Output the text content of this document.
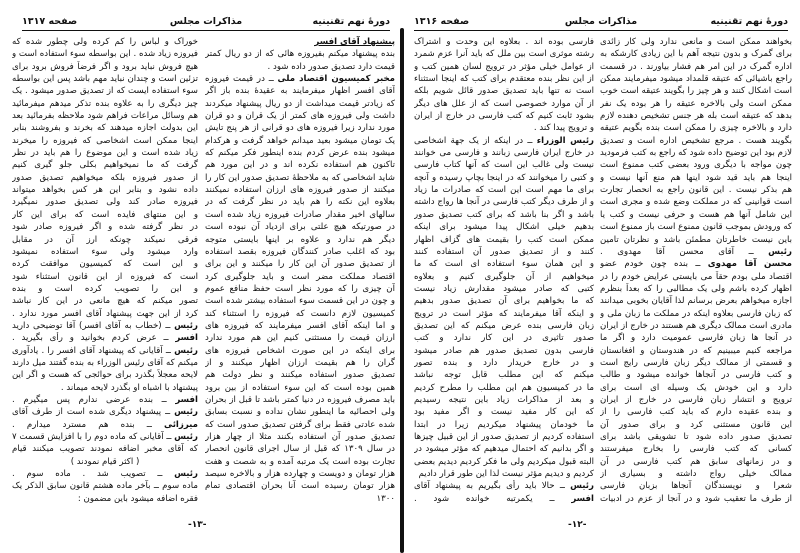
دورهٔ نهم تقنینیه
مذاکرات مجلس
صفحه ۱۳۱۷
پیشنهاد آقای افسر
بنده پیشنهاد میکنم بفیروزه هائی که از دو ریال کمتر
قیمت دارد تصدیق صدور داده شود .
مخبر کمیسیون اقتصاد ملی ــ در قیمت فیروزه
آقای افسر اظهار میفرمایند به عقیدهٔ بنده باز اگر
که زیادتر قیمت میداشت از دو ریال پیشنهاد میکردند
داشت ولی فیروزه های کمتر از یک قران و دو قران
مورد ندارد زیرا فیروزه های دو قرانی از هر پنج تایش
یک تومان میشود بعید میدانم خواهد گرفت و هرکدام
میشود بنده عرض کردم بنده اینطور فکر میکنم که
تاکنون هم استفاده نکرده اند و در این مورد هم
شاید اشخاصی که به ملاحظهٔ تصدیق صدور این کار را
میکنند از صدور فیروزه های ارزان استفاده نمیکنند
بعلاوه این نکته را هم باید در نظر گرفت که در
سالهای اخیر مقدار صادرات فیروزه زیاد شده است
در صورتیکه هیچ علتی برای ازدیاد آن نبوده است
دیگر هم ندارد و علاوه بر اینها بایستی متوجه
بود که اغلب صادر کنندگان فیروزه بقصد استفاده
از تصدیق صدور آن این کار را میکنند و این برای
اقتصاد مملکت مضر است و باید جلوگیری کرد
آن چیزی را که مورد نظر است حفظ منافع عموم
و چون در این قسمت سوء استفاده بیشتر شده است
کمیسیون لازم دانست که فیروزه را استثناء کند
و اما اینکه آقای افسر میفرمایند که فیروزه های
ارزان قیمت را مستثنی کنیم این هم مورد ندارد
برای اینکه در این صورت اشخاص فیروزه های
گران را هم بقیمت ارزان اظهار میکنند و از
تصدیق صدور استفاده میکنند و نظر دولت هم
همین بوده است که این سوء استفاده از بین برود
باید مصرف فیروزه در دنیا کمتر باشد تا قبل از بحران
ولی احصائیه ما اینطور نشان نداده و نسبت بسابق
شده عادتی فقط برای گرفتن تصدیق صدور است که
تصدیق صدور آن استفاده بکنند مثلا از چهار هزار
در سال ۱۳۰۹ که قبل از سال اجرای قانون انحصار
تجارت بوده است یک مرتبه آمده و به شصت و هفت
هزار تومان و دویست و چهارده هزار و بالاخره سیصد
هزار تومان رسیده است آنا بحران اقتصادی تمام
۱۳۰۰
خوراک و لباس را کم کرده ولی چطور شده که
فیروزه زیاد شده . این بواسطه سوء استفاده است و
هیچ فروش نباید برود و اگر فرضاً فروش برود برای
تزئین است و چندان نباید مهم باشد پس این بواسطه
سوء استفاده ایست که از تصدیق صدور میشود . یک
چیز دیگری را به علاوه بنده تذکر میدهم میفرمائید
هم وسائل مراعات فراهم شود ملاحظه بفرمائید بعد
این بدولت اجازه میدهند که بخرند و بفروشند بنابر
اینجا ممکن است اشخاصی که فیروزه را میخرند
زیاد شده است و این موضوع را هم باید در نظر
گرفت که ما نمیخواهیم بکلی جلو گیری کنیم
از صدور فیروزه بلکه میخواهیم تصدیق صدور
داده نشود و بنابر این هر کس بخواهد میتواند
فیروزه صادر کند ولی تصدیق صدور نمیگیرد
و این منتهای فایده است که برای این کار
در نظر گرفته شده و اگر فیروزه صادر شود
فرقی نمیکند چونکه ارز آن در مقابل
وارد میشود ولی سوء استفاده نمیشود
و این است که کمیسیون موافقت کرده
است که فیروزه از این قانون استثناء شود
و این را تصویب کرده است و بنده
تصور میکنم که هیچ مانعی در این کار نباشد
کرد از این جهت پیشنهاد آقای افسر مورد ندارد .
رئیس ــ (خطاب به آقای افسر) آقا توضیحی دارید
افسر ــ عرض کردم بخوانید و رأی بگیرید .
رئیس ــ آقایانی که پیشنهاد آقای افسر را . یادآوری
میکنم که آقای رئیس الوزراء به بنده گفتند میل دارند
لایحه معجلاً بگذرد برای حوائجی که هست و اگر این
پیشنهاد با اشباه او بگذرد لایحه میماند .
افسر ــ بنده عرضی ندارم پس میگیرم .
رئیس ــ پیشنهاد دیگری شده است از طرف آقای
میرزائی ــ بنده هم مسترد میدارم .
رئیس ــ آقایانی که ماده دوم را با افزایش قسمت ۷
که آقای مخبر اضافه نمودند تصویب میکنند قیام
( اکثر قیام نمودند )
رئیس ــ تصویب شد . ماده سوم .
ماده سوم ــ بآخر ماده هشتم قانون سابق الذکر یک
فقره اضافه میشود باین مضمون :
-۱۳-
دورهٔ نهم تقنینیه
مذاکرات مجلس
صفحه ۱۳۱۶
بخواهند ممکن است و مانعی ندارد ولی کار زائدی
برای گمرک و بدون نتیجه آهم با این زیادی کارشکه به
اداره گمرک در این امر هم فشار بیاورند . در قسمت
راجع باشیائی که عتیقه قلمداد میشود میفرمایند ممکن
است اشکال کنند و هر چیز را بگویند عتیقه است خوب
ممکن است ولی بالاخره عتیقه را هر بوده یک نفر
بدهد که عتیقه است بله هر جنس تشخیص دهنده لازم
دارد و بالاخره چیزی را ممکن است بنده بگویم عتیقه
بگویند هست . مرجع تشخیص اداره است و تصدیق
لازم بود این توضیح داده شود که راجع به کتب فرمودید
چون مواجه با دیگری ورود بعضی کتب ممنوع است
اینجا هم باید قید شود اینها هم منع آنها نیست و
هم بذکر نیست . این قانون راجع به انحصار تجارت
است قوانینی که در مملکت وضع شده و مجری است
این شامل آنها هم هست و حرفی نیست و کتب یا
که ورودش بموجب قانون ممنوع است باز ممنوع است
باین نیست خاطرتان مطمئن باشد و نظرتان تامین
رئیس ــ آقای محسن آقا مهدوی .
محسن آقا مهدوی ــ بنده چون خودم عضو
اقتصاد ملی بودم حقاً می بایستی عرایض خودم را در
اظهار کرده باشم ولی یک مطالبی را که بعداً بنظرم
اجازه میخواهم بعرض برسانم لذا آقایان بخوبی میدانند
که زبان فارسی بعلاوه اینکه در مملکت ما زبان ملی و
مادری است ممالک دیگری هم هستند در خارج از ایران
در آنجا ها زبان فارسی عمومیت دارد و اگر ما
مراجعه کنیم میبینیم که در هندوستان و افغانستان
و قسمتی از ممالک دیگر زبان فارسی رایج است
و کتب فارسی در آنجاها خوانده میشود و طالب
دارد و این خودش یک وسیله ای است برای
ترویج و انتشار زبان فارسی در خارج از ایران
و بنده عقیده دارم که باید کتب فارسی را از
این قانون مستثنی کرد و برای صدور آن
تصدیق صدور داده شود تا تشویقی باشد برای
کسانی که کتب فارسی را بخارج میفرستند
و در زمانهای سابق هم کتب فارسی در آن
ممالک خیلی رواج داشته و بسیاری از
شعرا و نویسندگان آنجاها بزبان فارسی
از طرف ما تعقیب شود و در آنجا از عزم در ادبیات
فارسی بوده اند . بعلاوه این وحدت و اشتراک
رشته موثری است بین ملل که باید آنرا عزم شمرد
از عوامل خیلی مؤثر در ترویج لسان همین کتب و
از این نظر بنده معتقدم برای کتب که اینجا استثناء
است نه تنها باید تصدیق صدور قائل شویم بلکه
از آن موارد خصوصی است که از علل های دیگر
بشود ثابت کنیم که کتب فارسی در خارج از ایران
و ترویج پیدا کند .
رئیس الوزراء ــ در اینکه از یک جهة اشخاصی
در خارج ایران فارسی زبانند و فارسی می خوانند
نیست ولی غالب این است که آنها کتاب فارسی
و کتبی را میخوانند که در اینجا بچاپ رسیده و آنچه
برای ما مهم است این است که صادرات ما زیاد
و از طرف دیگر کتب فارسی در آنجا ها رواج داشته
باشد و اگر بنا باشد که برای کتب تصدیق صدور
بدهیم خیلی اشکال پیدا میشود برای اینکه
ممکن است کتب را بقیمت های گزاف اظهار
کنند و از تصدیق صدور آن استفاده کنند
و این همان سوء استفاده ای است که ما
میخواهیم از آن جلوگیری کنیم و بعلاوه
کتبی که صادر میشود مقدارش زیاد نیست
که ما بخواهیم برای آن تصدیق صدور بدهیم
و اینکه آقا میفرمایند که مؤثر است در ترویج
زبان فارسی بنده عرض میکنم که این تصدیق
صدور تاثیری در این کار ندارد و کتب
فارسی بدون تصدیق صدور هم صادر میشود
و در خارج خریدار دارد و بنده تصور
میکنم که این مطلب قابل توجه نباشد
ما در کمیسیون هم این مطلب را مطرح کردیم
و بعد از مذاکرات زیاد باین نتیجه رسیدیم
که این کار مفید نیست و اگر مفید بود
ما خودمان پیشنهاد میکردیم زیرا در ابتدا
استفاده کردیم از تصدیق صدور از این قبیل چیزها
و اگر بدانیم که احتمال میدهیم که مؤثر میشود در
البته قبول میکردیم ولی ما فکر کردیم دیدیم بعضی
کردیم و دیدیم مؤثر نیست لذا این طور قرار دادیم
رئیس ــ حالا باید رأی بگیریم به پیشنهاد آقای
افسر ــ یکمرتبه خوانده شود .
-۱۲-
